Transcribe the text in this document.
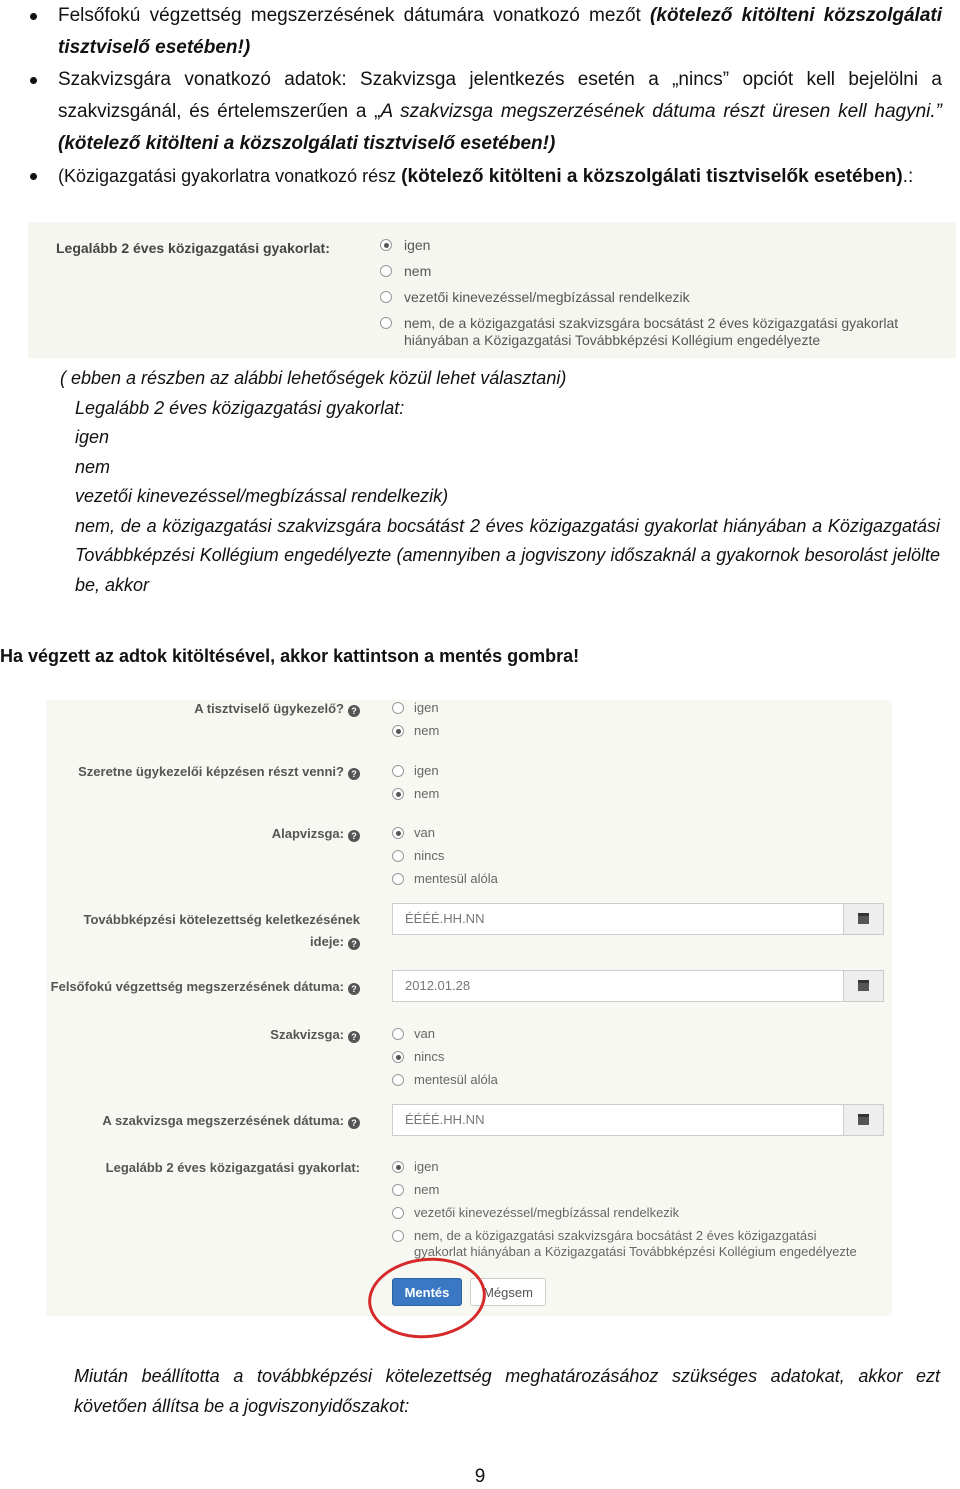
Felsőfokú végzettség megszerzésének dátumára vonatkozó mezőt (kötelező kitölteni közszolgálati tisztviselő esetében!)
Szakvizsgára vonatkozó adatok: Szakvizsga jelentkezés esetén a „nincs” opciót kell bejelölni a szakvizsgánál, és értelemszerűen a „A szakvizsga megszerzésének dátuma részt üresen kell hagyni.” (kötelező kitölteni a közszolgálati tisztviselő esetében!)
(Közigazgatási gyakorlatra vonatkozó rész (kötelező kitölteni a közszolgálati tisztviselők esetében).:
Legalább 2 éves közigazgatási gyakorlat:	igen
nem
vezetői kinevezéssel/megbízással rendelkezik
nem, de a közigazgatási szakvizsgára bocsátást 2 éves közigazgatási gyakorlat hiányában a Közigazgatási Továbbképzési Kollégium engedélyezte
( ebben a részben az alábbi lehetőségek közül lehet választani)
Legalább 2 éves közigazgatási gyakorlat:
igen
nem
vezetői kinevezéssel/megbízással rendelkezik)
nem, de a közigazgatási szakvizsgára bocsátást 2 éves közigazgatási gyakorlat hiányában a Közigazgatási Továbbképzési Kollégium engedélyezte (amennyiben a jogviszony időszaknál a gyakornok besorolást jelölte be, akkor
Ha végzett az adtok kitöltésével, akkor kattintson a mentés gombra!
A tisztviselő ügykezelő? ?	igen
nem
Szeretne ügykezelői képzésen részt venni? ?	igen
nem
Alapvizsga: ?	van
nincs
mentesül alóla
Továbbképzési kötelezettség keletkezésének
ideje: ?
ÉÉÉÉ.HH.NN
Felsőfokú végzettség megszerzésének dátuma: ?	2012.01.28
Szakvizsga: ?	van
nincs
mentesül alóla
A szakvizsga megszerzésének dátuma: ?	ÉÉÉÉ.HH.NN
Legalább 2 éves közigazgatási gyakorlat:	igen
nem
vezetői kinevezéssel/megbízással rendelkezik
nem, de a közigazgatási szakvizsgára bocsátást 2 éves közigazgatási gyakorlat hiányában a Közigazgatási Továbbképzési Kollégium engedélyezte
Mentés	Mégsem
Miután beállította a továbbképzési kötelezettség meghatározásához szükséges adatokat, akkor ezt követően állítsa be a jogviszonyidőszakot:
9
